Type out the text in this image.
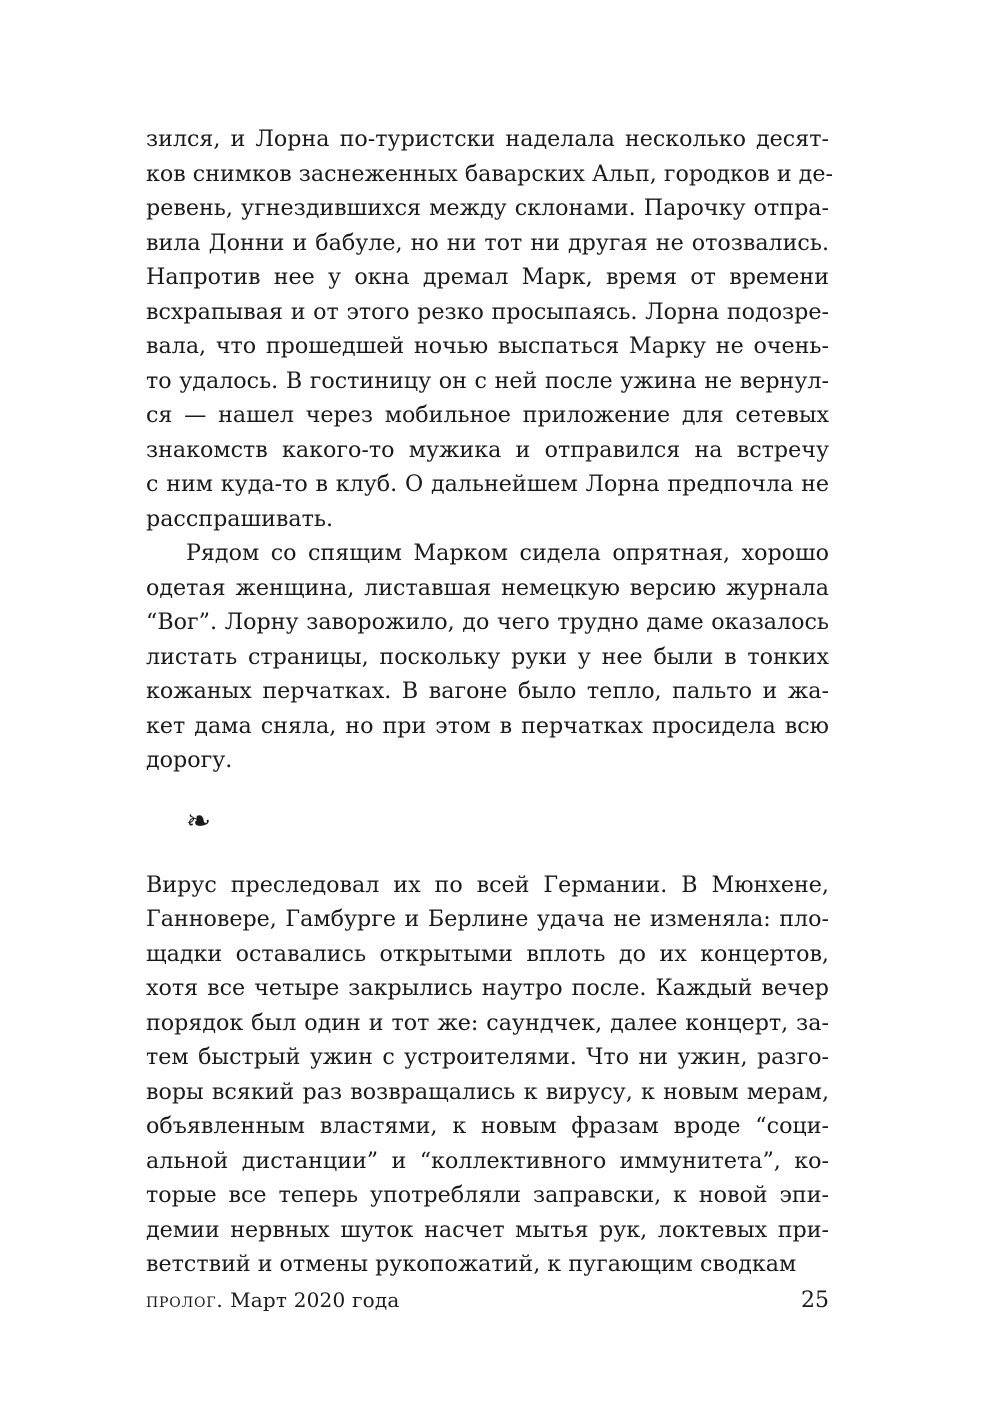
зился, и Лорна по-туристски наделала несколько десят-
ков снимков заснеженных баварских Альп, городков и де-
ревень, угнездившихся между склонами. Парочку отпра-
вила Донни и бабуле, но ни тот ни другая не отозвались.
Напротив нее у окна дремал Марк, время от времени
всхрапывая и от этого резко просыпаясь. Лорна подозре-
вала, что прошедшей ночью выспаться Марку не очень-
то удалось. В гостиницу он с ней после ужина не вернул-
ся — нашел через мобильное приложение для сетевых
знакомств какого-то мужика и отправился на встречу
с ним куда-то в клуб. О дальнейшем Лорна предпочла не
расспрашивать.
Рядом со спящим Марком сидела опрятная, хорошо
одетая женщина, листавшая немецкую версию журнала
“Вог”. Лорну заворожило, до чего трудно даме оказалось
листать страницы, поскольку руки у нее были в тонких
кожаных перчатках. В вагоне было тепло, пальто и жа-
кет дама сняла, но при этом в перчатках просидела всю
дорогу.
❧
Вирус преследовал их по всей Германии. В Мюнхене,
Ганновере, Гамбурге и Берлине удача не изменяла: пло-
щадки оставались открытыми вплоть до их концертов,
хотя все четыре закрылись наутро после. Каждый вечер
порядок был один и тот же: саундчек, далее концерт, за-
тем быстрый ужин с устроителями. Что ни ужин, разго-
воры всякий раз возвращались к вирусу, к новым мерам,
объявленным властями, к новым фразам вроде “соци-
альной дистанции” и “коллективного иммунитета”, ко-
торые все теперь употребляли заправски, к новой эпи-
демии нервных шуток насчет мытья рук, локтевых при-
ветствий и отмены рукопожатий, к пугающим сводкам
пролог. Март 2020 года	25
